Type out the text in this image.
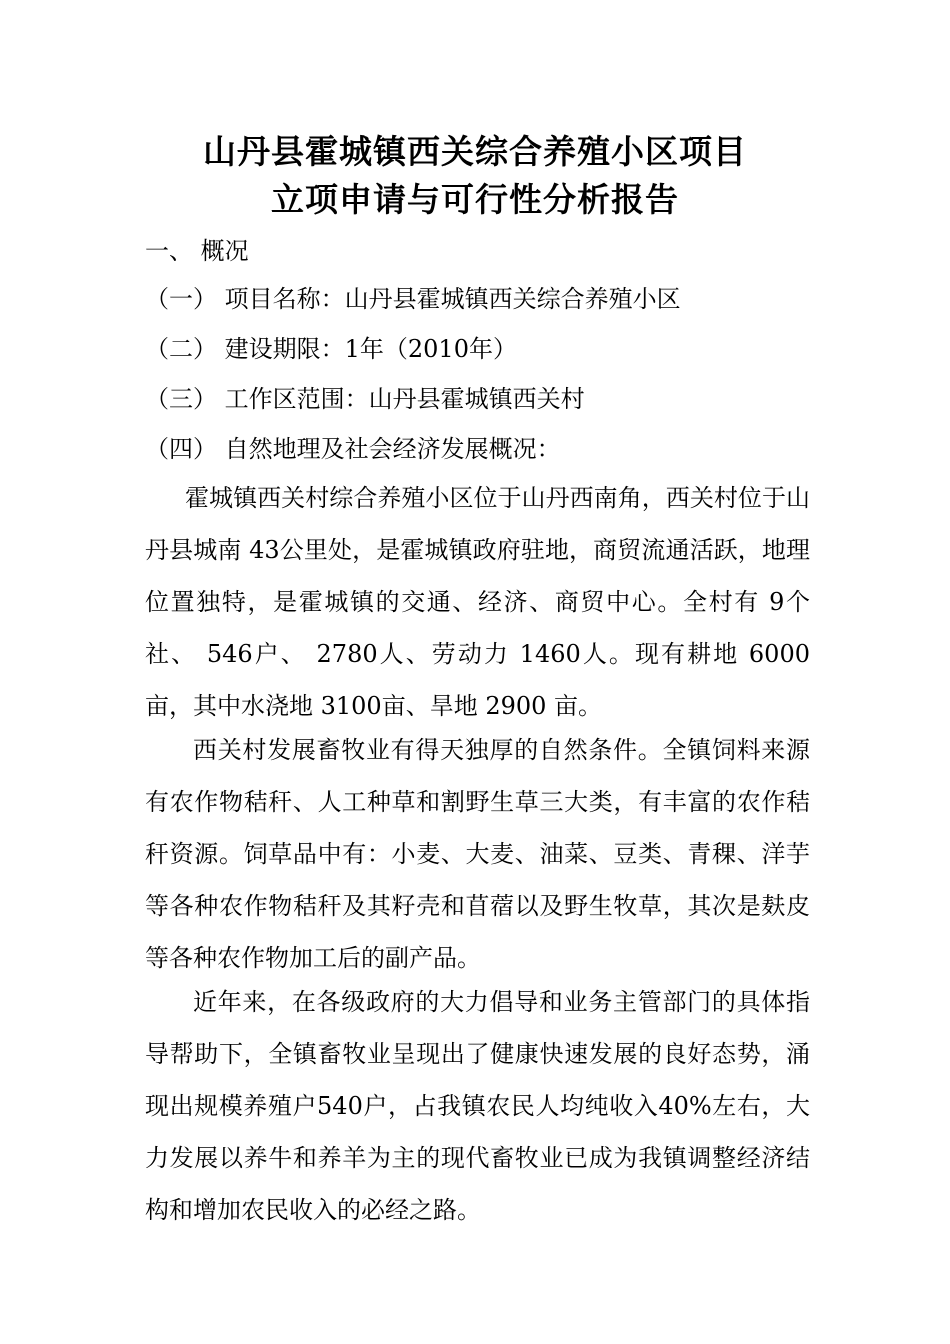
山丹县霍城镇西关综合养殖小区项目
立项申请与可行性分析报告
一、 概况
（一） 项目名称：山丹县霍城镇西关综合养殖小区
（二） 建设期限：1年（2010年）
（三） 工作区范围：山丹县霍城镇西关村
（四） 自然地理及社会经济发展概况：

霍城镇西关村综合养殖小区位于山丹西南角，西关村位于山丹县城南 43公里处，是霍城镇政府驻地，商贸流通活跃，地理位置独特，是霍城镇的交通、经济、商贸中心。全村有 9个社、 546户、 2780人、劳动力 1460人。现有耕地 6000亩，其中水浇地 3100亩、旱地 2900 亩。

西关村发展畜牧业有得天独厚的自然条件。全镇饲料来源有农作物秸秆、人工种草和割野生草三大类，有丰富的农作秸秆资源。饲草品中有：小麦、大麦、油菜、豆类、青稞、洋芋等各种农作物秸秆及其籽壳和苜蓿以及野生牧草，其次是麸皮等各种农作物加工后的副产品。

近年来，在各级政府的大力倡导和业务主管部门的具体指导帮助下，全镇畜牧业呈现出了健康快速发展的良好态势，涌现出规模养殖户540户，占我镇农民人均纯收入40%左右，大力发展以养牛和养羊为主的现代畜牧业已成为我镇调整经济结构和增加农民收入的必经之路。
